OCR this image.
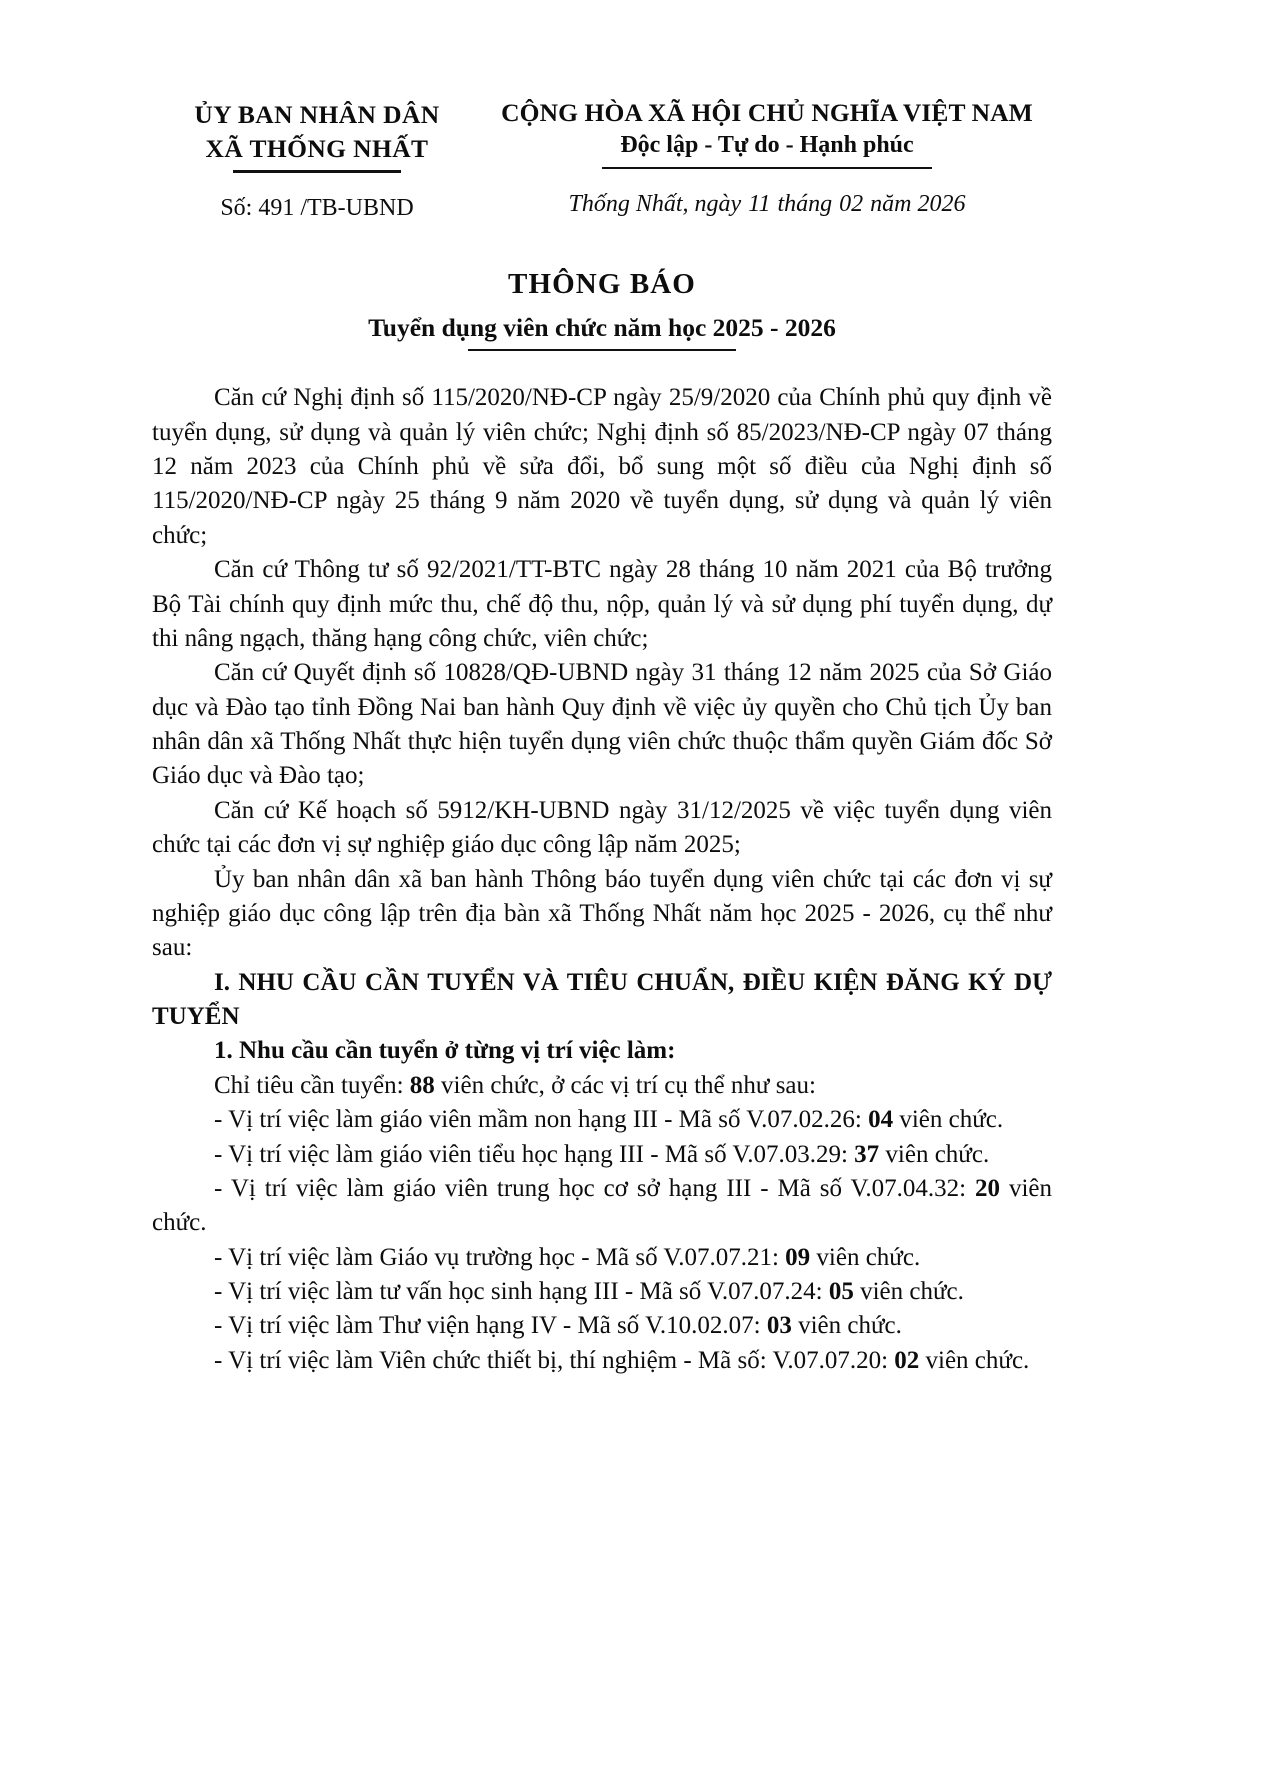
ỦY BAN NHÂN DÂN
XÃ THỐNG NHẤT
Số: 491 /TB-UBND
CỘNG HÒA XÃ HỘI CHỦ NGHĨA VIỆT NAM
Độc lập - Tự do - Hạnh phúc
Thống Nhất, ngày 11 tháng 02 năm 2026
THÔNG BÁO
Tuyển dụng viên chức năm học 2025 - 2026

Căn cứ Nghị định số 115/2020/NĐ-CP ngày 25/9/2020 của Chính phủ quy định về tuyển dụng, sử dụng và quản lý viên chức; Nghị định số 85/2023/NĐ-CP ngày 07 tháng 12 năm 2023 của Chính phủ về sửa đổi, bổ sung một số điều của Nghị định số 115/2020/NĐ-CP ngày 25 tháng 9 năm 2020 về tuyển dụng, sử dụng và quản lý viên chức;

Căn cứ Thông tư số 92/2021/TT-BTC ngày 28 tháng 10 năm 2021 của Bộ trưởng Bộ Tài chính quy định mức thu, chế độ thu, nộp, quản lý và sử dụng phí tuyển dụng, dự thi nâng ngạch, thăng hạng công chức, viên chức;

Căn cứ Quyết định số 10828/QĐ-UBND ngày 31 tháng 12 năm 2025 của Sở Giáo dục và Đào tạo tỉnh Đồng Nai ban hành Quy định về việc ủy quyền cho Chủ tịch Ủy ban nhân dân xã Thống Nhất thực hiện tuyển dụng viên chức thuộc thẩm quyền Giám đốc Sở Giáo dục và Đào tạo;

Căn cứ Kế hoạch số 5912/KH-UBND ngày 31/12/2025 về việc tuyển dụng viên chức tại các đơn vị sự nghiệp giáo dục công lập năm 2025;

Ủy ban nhân dân xã ban hành Thông báo tuyển dụng viên chức tại các đơn vị sự nghiệp giáo dục công lập trên địa bàn xã Thống Nhất năm học 2025 - 2026, cụ thể như sau:

I. NHU CẦU CẦN TUYỂN VÀ TIÊU CHUẨN, ĐIỀU KIỆN ĐĂNG KÝ DỰ TUYỂN

1. Nhu cầu cần tuyển ở từng vị trí việc làm:

Chỉ tiêu cần tuyển: 88 viên chức, ở các vị trí cụ thể như sau:

- Vị trí việc làm giáo viên mầm non hạng III - Mã số V.07.02.26: 04 viên chức.

- Vị trí việc làm giáo viên tiểu học hạng III - Mã số V.07.03.29: 37 viên chức.

- Vị trí việc làm giáo viên trung học cơ sở hạng III - Mã số V.07.04.32: 20 viên chức.

- Vị trí việc làm Giáo vụ trường học - Mã số V.07.07.21: 09 viên chức.

- Vị trí việc làm tư vấn học sinh hạng III - Mã số V.07.07.24: 05 viên chức.

- Vị trí việc làm Thư viện hạng IV - Mã số V.10.02.07: 03 viên chức.

- Vị trí việc làm Viên chức thiết bị, thí nghiệm - Mã số: V.07.07.20: 02 viên chức.
